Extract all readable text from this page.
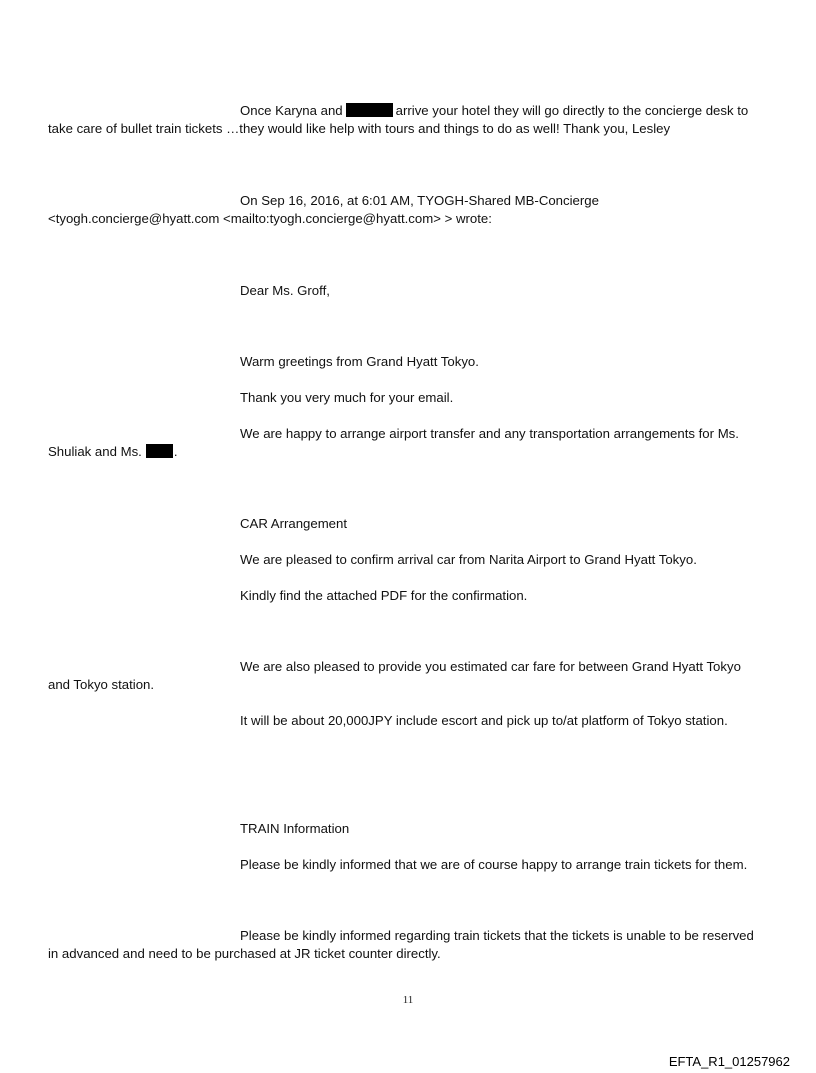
Once Karyna and	arrive your hotel they will go directly to the concierge desk to
take care of bullet train tickets …they would like help with tours and things to do as well! Thank you, Lesley
On Sep 16, 2016, at 6:01 AM, TYOGH-Shared MB-Concierge
<tyogh.concierge@hyatt.com <mailto:tyogh.concierge@hyatt.com> > wrote:
Dear Ms. Groff,
Warm greetings from Grand Hyatt Tokyo.
Thank you very much for your email.
We are happy to arrange airport transfer and any transportation arrangements for Ms.
Shuliak and Ms. .
CAR Arrangement
We are pleased to confirm arrival car from Narita Airport to Grand Hyatt Tokyo.
Kindly find the attached PDF for the confirmation.
We are also pleased to provide you estimated car fare for between Grand Hyatt Tokyo
and Tokyo station.
It will be about 20,000JPY include escort and pick up to/at platform of Tokyo station.
TRAIN Information
Please be kindly informed that we are of course happy to arrange train tickets for them.
Please be kindly informed regarding train tickets that the tickets is unable to be reserved
in advanced and need to be purchased at JR ticket counter directly.
11
EFTA_R1_01257962
